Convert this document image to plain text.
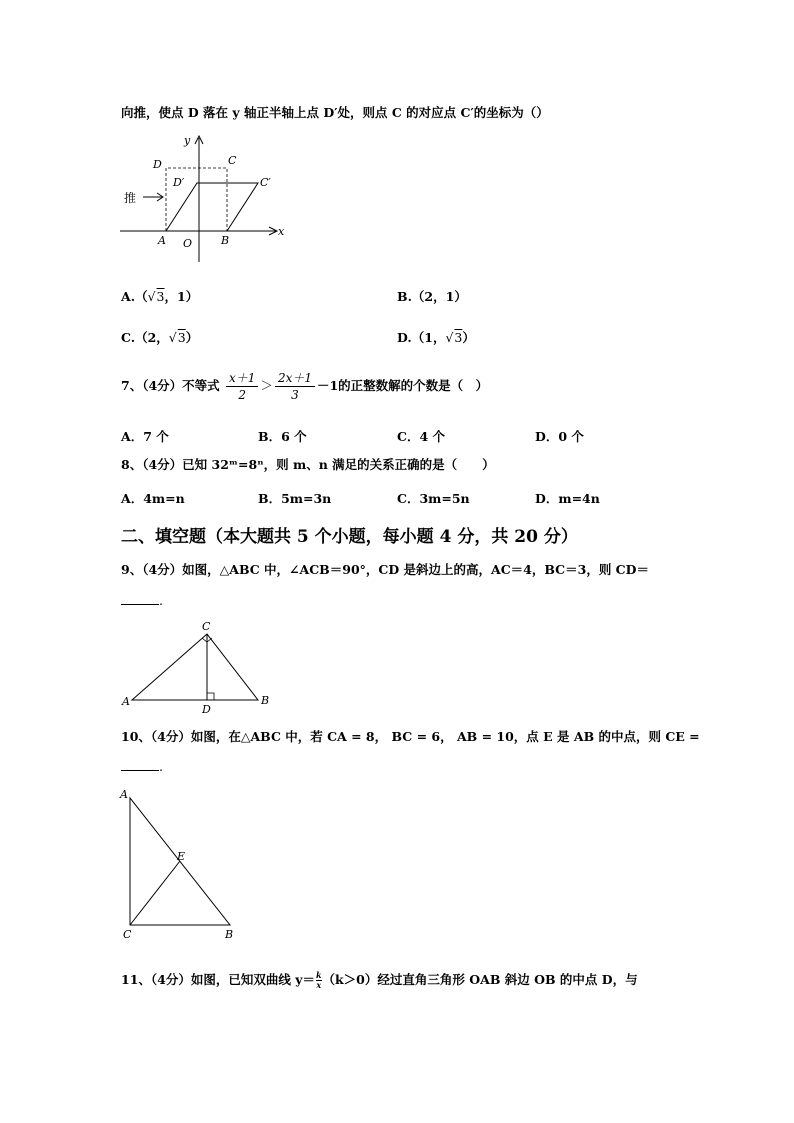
向推，使点 D 落在 y 轴正半轴上点 D′处，则点 C 的对应点 C′的坐标为（）
y
x
D	C
D′	C′
推
A O	B
A.（√3，1）	B.（2，1）
C.（2，√3）	D.（1，√3）
7、（4分）不等式 $\frac{x+1}{2} > \frac{2x+1}{3} -1$的正整数解的个数是（　）
A．7 个	B．6 个	C．4 个	D．0 个
8、（4分）已知 32ᵐ=8ⁿ，则 m、n 满足的关系正确的是（　　）
A．4m=n	B．5m=3n	C．3m=5n	D．m=4n
二、填空题（本大题共 5 个小题，每小题 4 分，共 20 分）
9、（4分）如图，△ABC 中，∠ACB＝90°，CD 是斜边上的高，AC＝4，BC＝3，则 CD＝
.
C
A
D
B
10、（4分）如图，在△ABC 中，若 CA = 8， BC = 6， AB = 10，点 E 是 AB 的中点，则 CE =
.
A
E
C	B
11、（4分）如图，已知双曲线 $y= \frac{k}{x} (k>0)$经过直角三角形 OAB 斜边 OB 的中点 D，与
